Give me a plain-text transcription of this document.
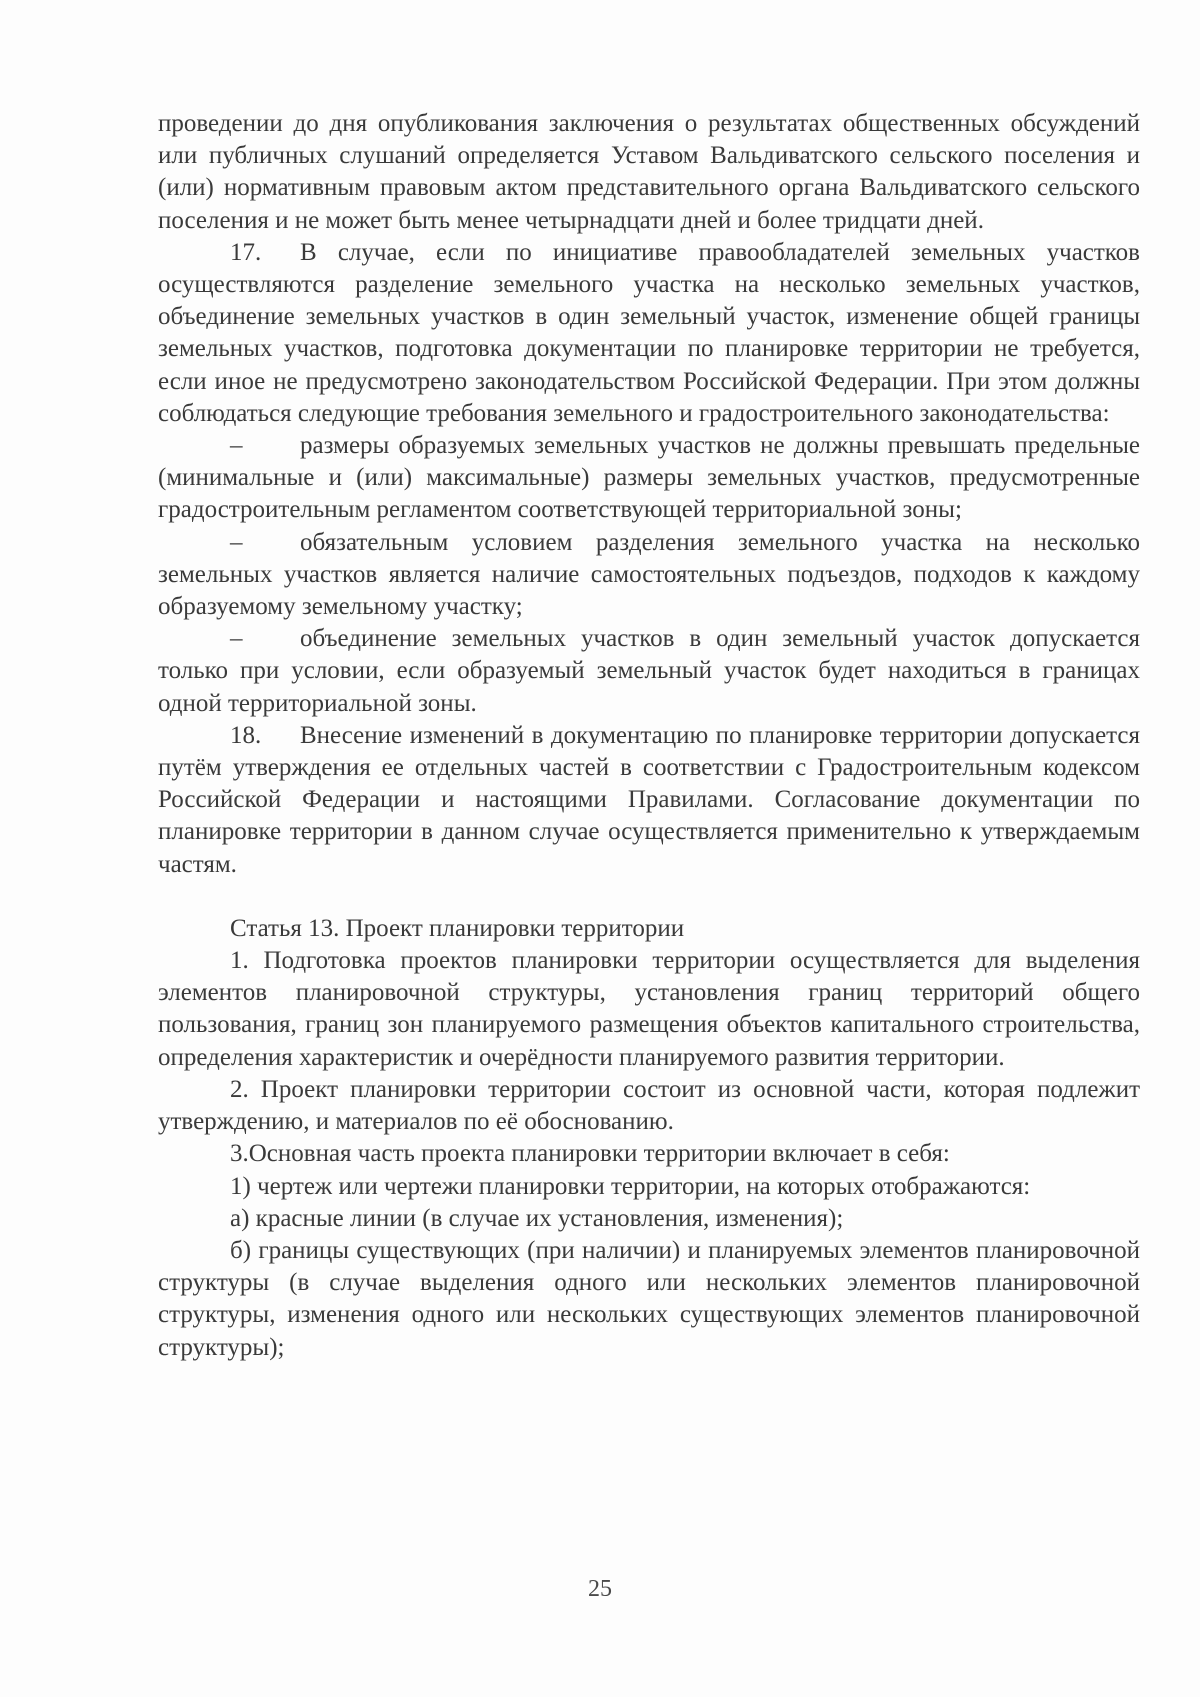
проведении до дня опубликования заключения о результатах общественных обсуждений или публичных слушаний определяется Уставом Вальдиватского сельского поселения и (или) нормативным правовым актом представительного органа Вальдиватского сельского поселения и не может быть менее четырнадцати дней и более тридцати дней.

17. В случае, если по инициативе правообладателей земельных участков осуществляются разделение земельного участка на несколько земельных участков, объединение земельных участков в один земельный участок, изменение общей границы земельных участков, подготовка документации по планировке территории не требуется, если иное не предусмотрено законодательством Российской Федерации. При этом должны соблюдаться следующие требования земельного и градостроительного законодательства:

– размеры образуемых земельных участков не должны превышать предельные (минимальные и (или) максимальные) размеры земельных участков, предусмотренные градостроительным регламентом соответствующей территориальной зоны;

– обязательным условием разделения земельного участка на несколько земельных участков является наличие самостоятельных подъездов, подходов к каждому образуемому земельному участку;

– объединение земельных участков в один земельный участок допускается только при условии, если образуемый земельный участок будет находиться в границах одной территориальной зоны.

18. Внесение изменений в документацию по планировке территории допускается путём утверждения ее отдельных частей в соответствии с Градостроительным кодексом Российской Федерации и настоящими Правилами. Согласование документации по планировке территории в данном случае осуществляется применительно к утверждаемым частям.

Статья 13. Проект планировки территории

1. Подготовка проектов планировки территории осуществляется для выделения элементов планировочной структуры, установления границ территорий общего пользования, границ зон планируемого размещения объектов капитального строительства, определения характеристик и очерёдности планируемого развития территории.

2. Проект планировки территории состоит из основной части, которая подлежит утверждению, и материалов по её обоснованию.

3.Основная часть проекта планировки территории включает в себя:

1) чертеж или чертежи планировки территории, на которых отображаются:

а) красные линии (в случае их установления, изменения);

б) границы существующих (при наличии) и планируемых элементов планировочной структуры (в случае выделения одного или нескольких элементов планировочной структуры, изменения одного или нескольких существующих элементов планировочной структуры);

25
